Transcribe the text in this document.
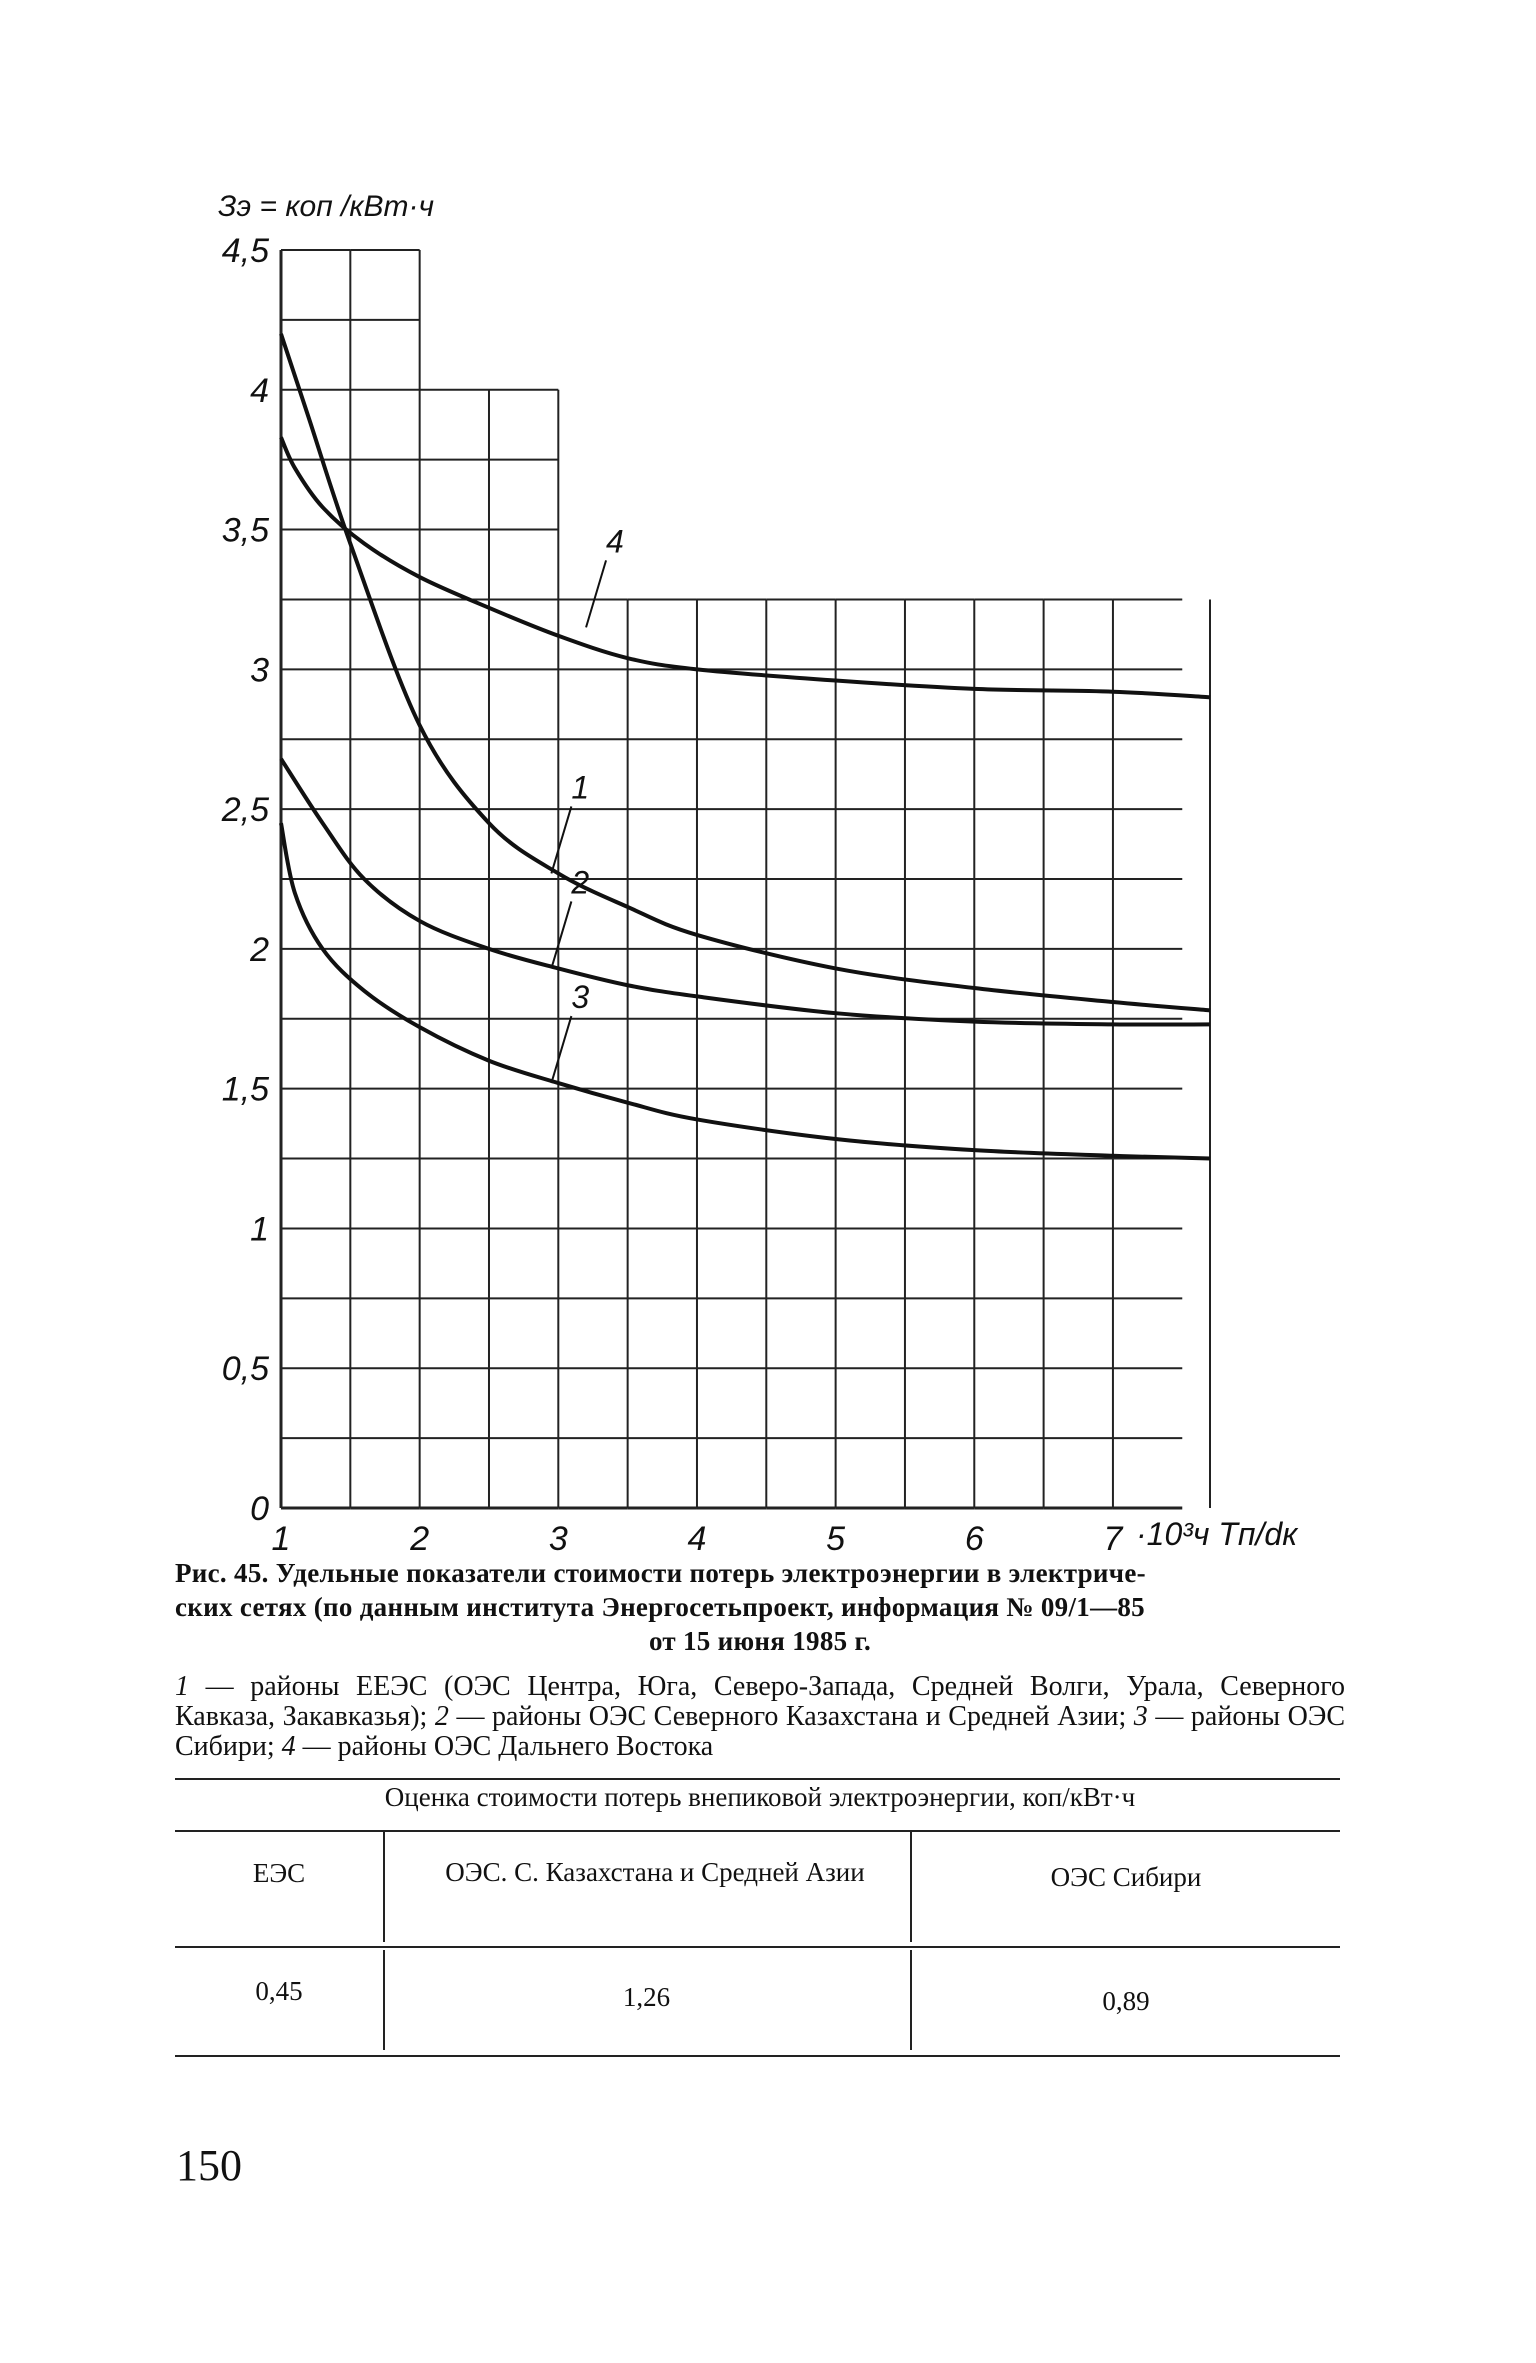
4
1
2
3
1	2	3	4	5	6	7
0
0,5
1
1,5
2
2,5
3
3,5
4
4,5
Зэ = коп /кВт·ч
·10³ч Tп/dк
Рис. 45. Удельные показатели стоимости потерь электроэнергии в электриче-
ских сетях (по данным института Энергосетьпроект, информация № 09/1—85
от 15 июня 1985 г.
1 — районы ЕЕЭС (ОЭС Центра, Юга, Северо-Запада, Средней Волги, Урала, Северного Кавказа, Закавказья); 2 — районы ОЭС Северного Казахстана и Средней Азии; 3 — районы ОЭС Сибири; 4 — районы ОЭС Дальнего Востока
Оценка стоимости потерь внепиковой электроэнергии, коп/кВт·ч
ЕЭС	ОЭС. С. Казахстана и Средней Азии	ОЭС Сибири
0,45	1,26	0,89
150
